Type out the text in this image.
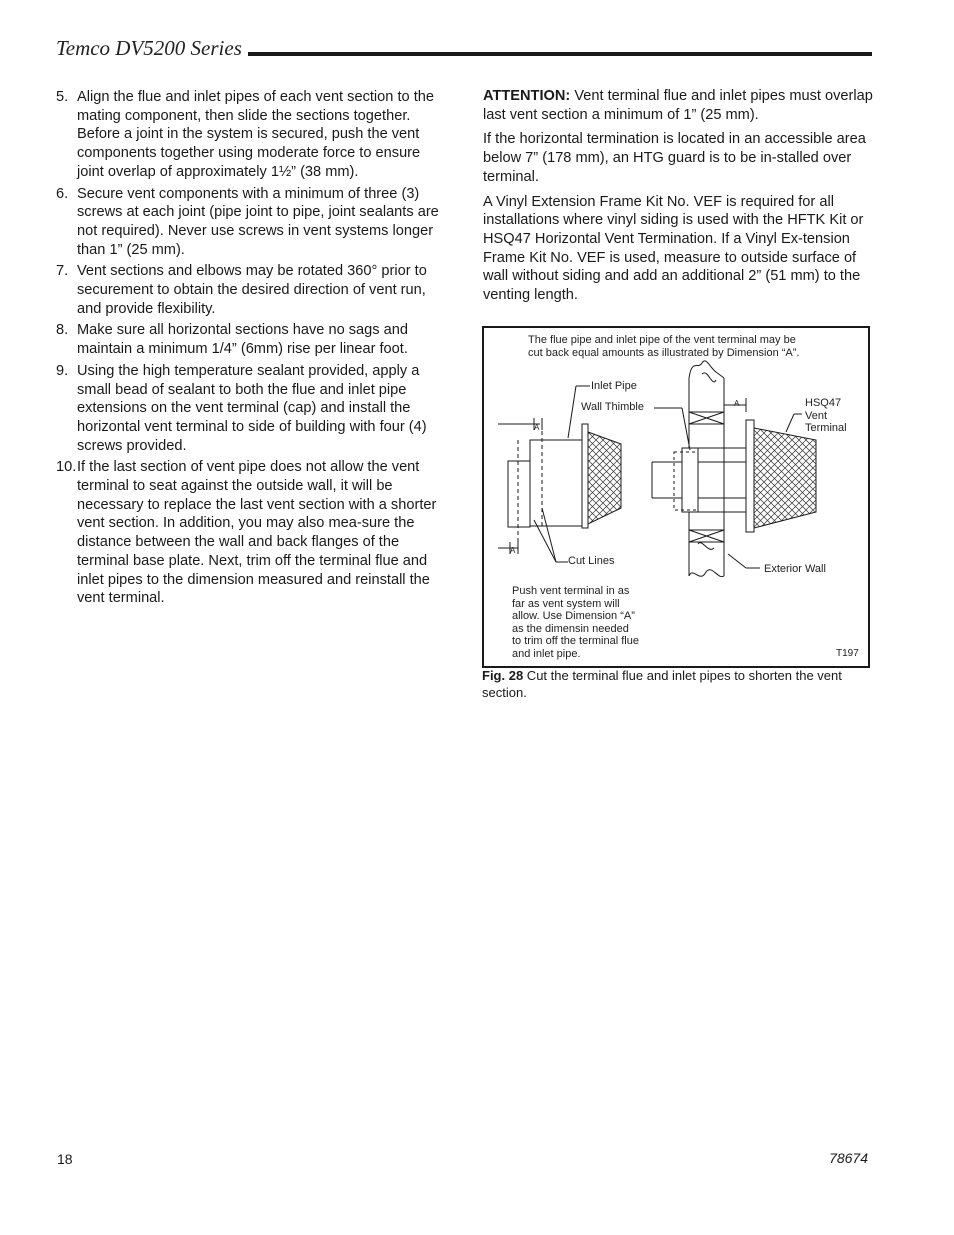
Temco DV5200 Series
5. Align the flue and inlet pipes of each vent section to the mating component, then slide the sections together. Before a joint in the system is secured, push the vent components together using moderate force to ensure joint overlap of approximately 1½” (38 mm).
6. Secure vent components with a minimum of three (3) screws at each joint (pipe joint to pipe, joint sealants are not required). Never use screws in vent systems longer than 1” (25 mm).
7. Vent sections and elbows may be rotated 360° prior to securement to obtain the desired direction of vent run, and provide flexibility.
8. Make sure all horizontal sections have no sags and maintain a minimum 1/4” (6mm) rise per linear foot.
9. Using the high temperature sealant provided, apply a small bead of sealant to both the flue and inlet pipe extensions on the vent terminal (cap) and install the horizontal vent terminal to side of building with four (4) screws provided.
10. If the last section of vent pipe does not allow the vent terminal to seat against the outside wall, it will be necessary to replace the last vent section with a shorter vent section. In addition, you may also mea-sure the distance between the wall and back flanges of the terminal base plate. Next, trim off the terminal flue and inlet pipes to the dimension measured and reinstall the vent terminal.

ATTENTION: Vent terminal flue and inlet pipes must overlap last vent section a minimum of 1” (25 mm).

If the horizontal termination is located in an accessible area below 7” (178 mm), an HTG guard is to be in-stalled over terminal.

A Vinyl Extension Frame Kit No. VEF is required for all installations where vinyl siding is used with the HFTK Kit or HSQ47 Horizontal Vent Termination. If a Vinyl Ex-tension Frame Kit No. VEF is used, measure to outside surface of wall without siding and add an additional 2” (51 mm) to the venting length.

The flue pipe and inlet pipe of the vent terminal may be
cut back equal amounts as illustrated by Dimension “A”.
Inlet Pipe
Wall Thimble	HSQ47
Vent
Terminal
A
A
A
Cut Lines
Exterior Wall
Push vent terminal in as
far as vent system will
allow. Use Dimension “A”
as the dimensin needed
to trim off the terminal flue
and inlet pipe.	T197
Fig. 28 Cut the terminal flue and inlet pipes to shorten the vent section.
18	78674
